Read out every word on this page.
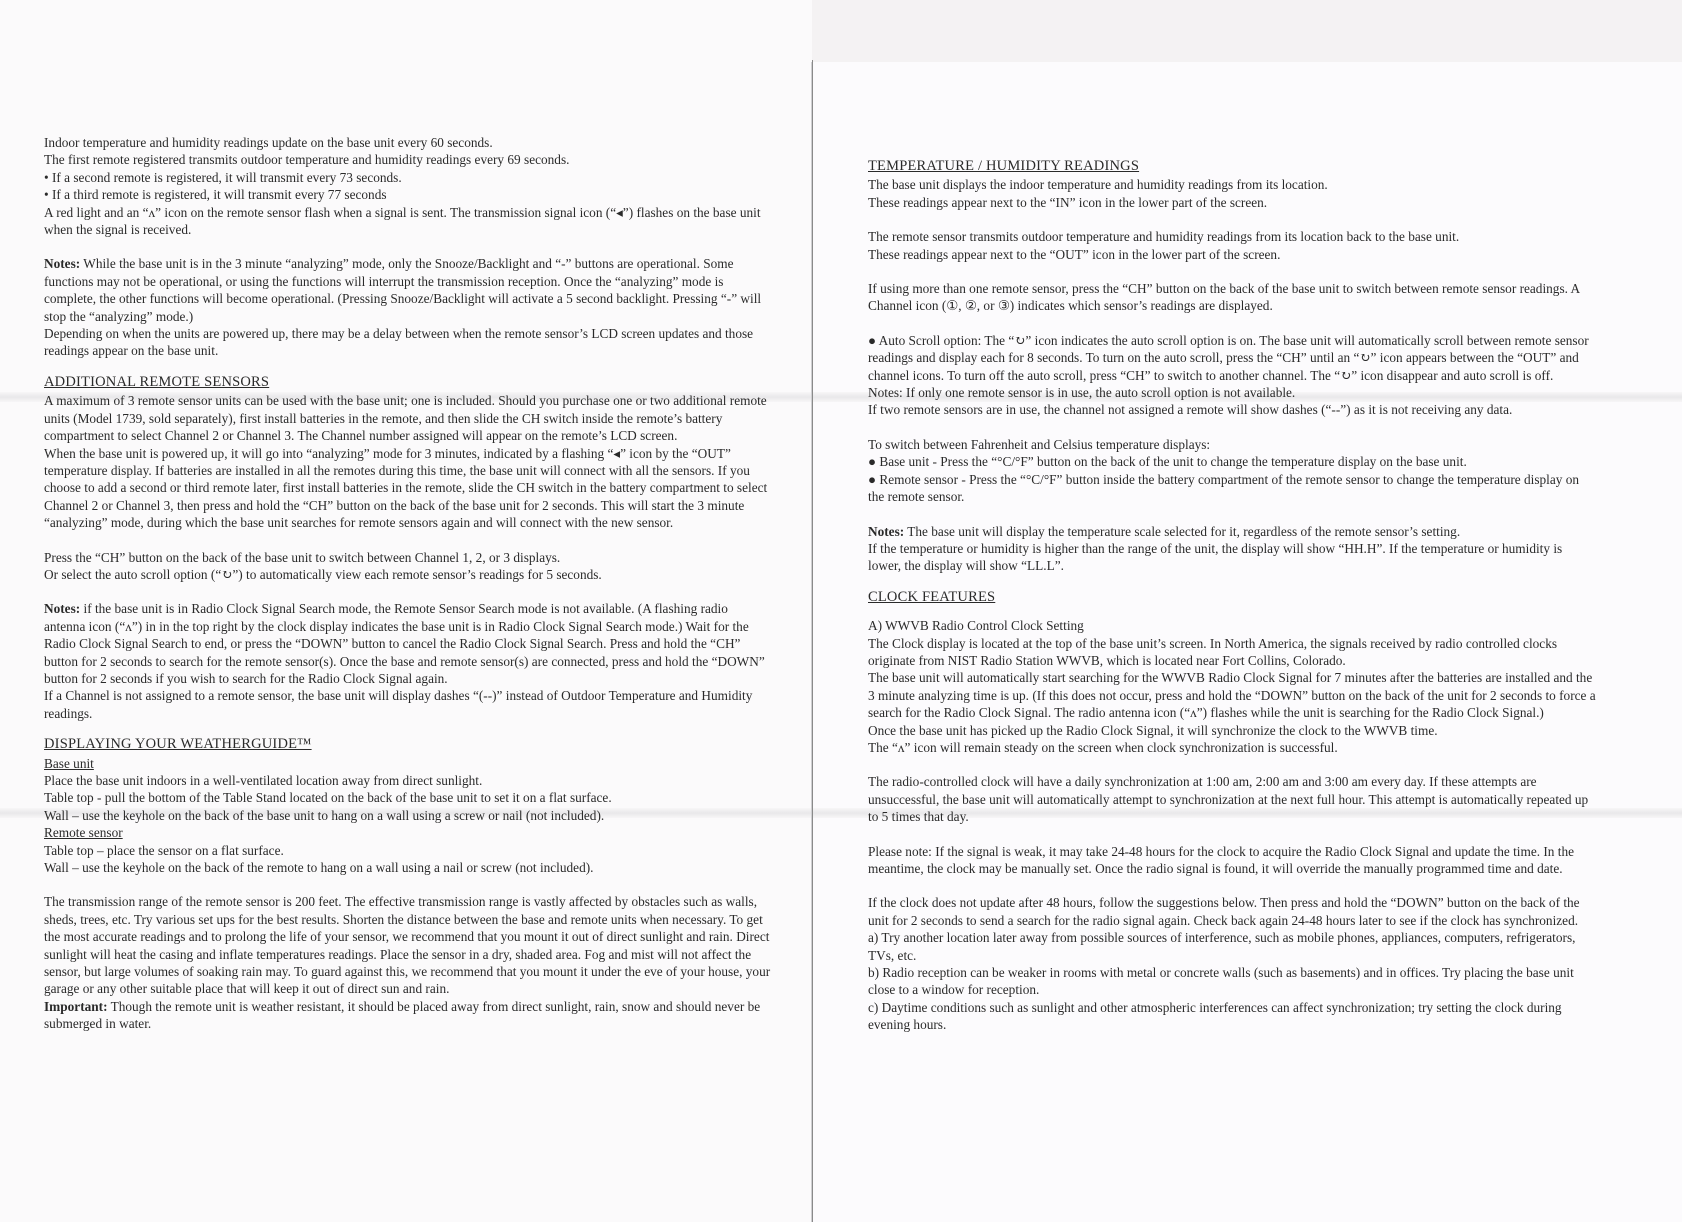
Indoor temperature and humidity readings update on the base unit every 60 seconds.

The first remote registered transmits outdoor temperature and humidity readings every 69 seconds.

• If a second remote is registered, it will transmit every 73 seconds.

• If a third remote is registered, it will transmit every 77 seconds

A red light and an “ᴧ” icon on the remote sensor flash when a signal is sent. The transmission signal icon (“◂”) flashes on the base unit when the signal is received.

Notes: While the base unit is in the 3 minute “analyzing” mode, only the Snooze/Backlight and “-” buttons are operational. Some functions may not be operational, or using the functions will interrupt the transmission reception. Once the “analyzing” mode is complete, the other functions will become operational. (Pressing Snooze/Backlight will activate a 5 second backlight. Pressing “-” will stop the “analyzing” mode.)

Depending on when the units are powered up, there may be a delay between when the remote sensor’s LCD screen updates and those readings appear on the base unit.

ADDITIONAL REMOTE SENSORS

A maximum of 3 remote sensor units can be used with the base unit; one is included. Should you purchase one or two additional remote units (Model 1739, sold separately), first install batteries in the remote, and then slide the CH switch inside the remote’s battery compartment to select Channel 2 or Channel 3. The Channel number assigned will appear on the remote’s LCD screen.

When the base unit is powered up, it will go into “analyzing” mode for 3 minutes, indicated by a flashing “◂” icon by the “OUT” temperature display. If batteries are installed in all the remotes during this time, the base unit will connect with all the sensors. If you choose to add a second or third remote later, first install batteries in the remote, slide the CH switch in the battery compartment to select Channel 2 or Channel 3, then press and hold the “CH” button on the back of the base unit for 2 seconds. This will start the 3 minute “analyzing” mode, during which the base unit searches for remote sensors again and will connect with the new sensor.

Press the “CH” button on the back of the base unit to switch between Channel 1, 2, or 3 displays.

Or select the auto scroll option (“↻”) to automatically view each remote sensor’s readings for 5 seconds.

Notes: if the base unit is in Radio Clock Signal Search mode, the Remote Sensor Search mode is not available. (A flashing radio antenna icon (“ᴧ”) in in the top right by the clock display indicates the base unit is in Radio Clock Signal Search mode.) Wait for the Radio Clock Signal Search to end, or press the “DOWN” button to cancel the Radio Clock Signal Search. Press and hold the “CH” button for 2 seconds to search for the remote sensor(s). Once the base and remote sensor(s) are connected, press and hold the “DOWN” button for 2 seconds if you wish to search for the Radio Clock Signal again.

If a Channel is not assigned to a remote sensor, the base unit will display dashes “(--)” instead of Outdoor Temperature and Humidity readings.

DISPLAYING YOUR WEATHERGUIDE™

Base unit

Place the base unit indoors in a well-ventilated location away from direct sunlight.

Table top - pull the bottom of the Table Stand located on the back of the base unit to set it on a flat surface.

Wall – use the keyhole on the back of the base unit to hang on a wall using a screw or nail (not included).

Remote sensor

Table top – place the sensor on a flat surface.

Wall – use the keyhole on the back of the remote to hang on a wall using a nail or screw (not included).

The transmission range of the remote sensor is 200 feet. The effective transmission range is vastly affected by obstacles such as walls, sheds, trees, etc. Try various set ups for the best results. Shorten the distance between the base and remote units when necessary. To get the most accurate readings and to prolong the life of your sensor, we recommend that you mount it out of direct sunlight and rain. Direct sunlight will heat the casing and inflate temperatures readings. Place the sensor in a dry, shaded area. Fog and mist will not affect the sensor, but large volumes of soaking rain may. To guard against this, we recommend that you mount it under the eve of your house, your garage or any other suitable place that will keep it out of direct sun and rain.

Important: Though the remote unit is weather resistant, it should be placed away from direct sunlight, rain, snow and should never be submerged in water.

TEMPERATURE / HUMIDITY READINGS

The base unit displays the indoor temperature and humidity readings from its location.

These readings appear next to the “IN” icon in the lower part of the screen.

The remote sensor transmits outdoor temperature and humidity readings from its location back to the base unit.

These readings appear next to the “OUT” icon in the lower part of the screen.

If using more than one remote sensor, press the “CH” button on the back of the base unit to switch between remote sensor readings. A Channel icon (①, ②, or ③) indicates which sensor’s readings are displayed.

● Auto Scroll option: The “↻” icon indicates the auto scroll option is on. The base unit will automatically scroll between remote sensor readings and display each for 8 seconds. To turn on the auto scroll, press the “CH” until an “↻” icon appears between the “OUT” and channel icons. To turn off the auto scroll, press “CH” to switch to another channel. The “↻” icon disappear and auto scroll is off.

Notes: If only one remote sensor is in use, the auto scroll option is not available.

If two remote sensors are in use, the channel not assigned a remote will show dashes (“--”) as it is not receiving any data.

To switch between Fahrenheit and Celsius temperature displays:

● Base unit - Press the “°C/°F” button on the back of the unit to change the temperature display on the base unit.

● Remote sensor - Press the “°C/°F” button inside the battery compartment of the remote sensor to change the temperature display on the remote sensor.

Notes: The base unit will display the temperature scale selected for it, regardless of the remote sensor’s setting.

If the temperature or humidity is higher than the range of the unit, the display will show “HH.H”. If the temperature or humidity is lower, the display will show “LL.L”.

CLOCK FEATURES

A) WWVB Radio Control Clock Setting

The Clock display is located at the top of the base unit’s screen. In North America, the signals received by radio controlled clocks originate from NIST Radio Station WWVB, which is located near Fort Collins, Colorado.

The base unit will automatically start searching for the WWVB Radio Clock Signal for 7 minutes after the batteries are installed and the 3 minute analyzing time is up. (If this does not occur, press and hold the “DOWN” button on the back of the unit for 2 seconds to force a search for the Radio Clock Signal. The radio antenna icon (“ᴧ”) flashes while the unit is searching for the Radio Clock Signal.)

Once the base unit has picked up the Radio Clock Signal, it will synchronize the clock to the WWVB time.

The “ᴧ” icon will remain steady on the screen when clock synchronization is successful.

The radio-controlled clock will have a daily synchronization at 1:00 am, 2:00 am and 3:00 am every day. If these attempts are unsuccessful, the base unit will automatically attempt to synchronization at the next full hour. This attempt is automatically repeated up to 5 times that day.

Please note: If the signal is weak, it may take 24-48 hours for the clock to acquire the Radio Clock Signal and update the time. In the meantime, the clock may be manually set. Once the radio signal is found, it will override the manually programmed time and date.

If the clock does not update after 48 hours, follow the suggestions below. Then press and hold the “DOWN” button on the back of the unit for 2 seconds to send a search for the radio signal again. Check back again 24-48 hours later to see if the clock has synchronized.

a) Try another location later away from possible sources of interference, such as mobile phones, appliances, computers, refrigerators, TVs, etc.

b) Radio reception can be weaker in rooms with metal or concrete walls (such as basements) and in offices. Try placing the base unit close to a window for reception.

c) Daytime conditions such as sunlight and other atmospheric interferences can affect synchronization; try setting the clock during evening hours.
